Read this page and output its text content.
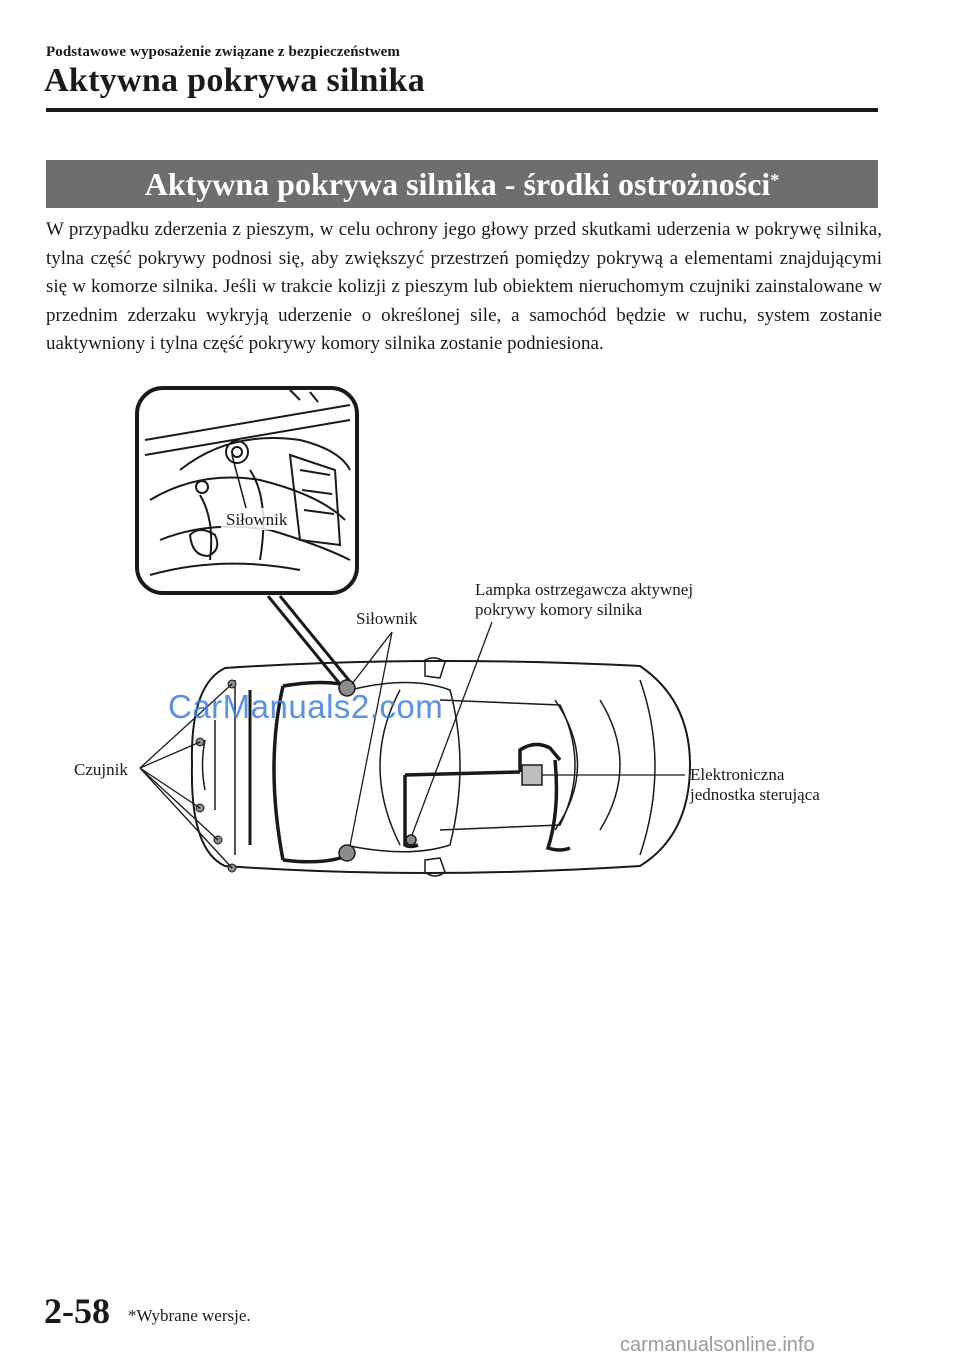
Podstawowe wyposażenie związane z bezpieczeństwem
Aktywna pokrywa silnika
Aktywna pokrywa silnika - środki ostrożności*

W przypadku zderzenia z pieszym, w celu ochrony jego głowy przed skutkami uderzenia w pokrywę silnika, tylna część pokrywy podnosi się, aby zwiększyć przestrzeń pomiędzy pokrywą a elementami znajdującymi się w komorze silnika. Jeśli w trakcie kolizji z pieszym lub obiektem nieruchomym czujniki zainstalowane w przednim zderzaku wykryją uderzenie o określonej sile, a samochód będzie w ruchu, system zostanie uaktywniony i tylna część pokrywy komory silnika zostanie podniesiona.

Siłownik
Siłownik
Lampka ostrzegawcza aktywnej
pokrywy komory silnika
Czujnik	Elektroniczna
jednostka sterująca
CarManuals2.com
2-58 *Wybrane wersje.
carmanualsonline.info
